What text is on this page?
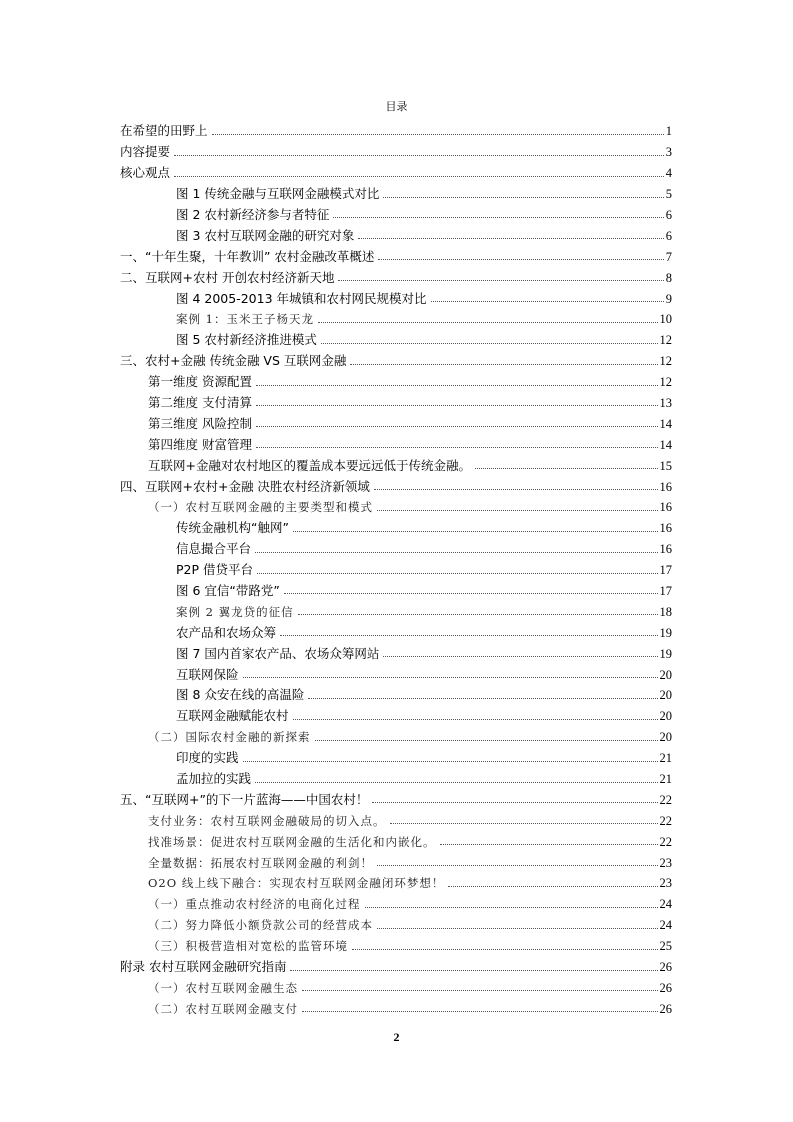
目录
在希望的田野上	1
内容提要	3
核心观点	4
图 1 传统金融与互联网金融模式对比	5
图 2 农村新经济参与者特征	6
图 3 农村互联网金融的研究对象	6
一、“十年生聚，十年教训” 农村金融改革概述	7
二、互联网+农村 开创农村经济新天地	8
图 4 2005-2013 年城镇和农村网民规模对比	9
案例 1：玉米王子杨天龙	10
图 5 农村新经济推进模式	12
三、农村+金融 传统金融 VS 互联网金融	12
第一维度 资源配置	12
第二维度 支付清算	13
第三维度 风险控制	14
第四维度 财富管理	14
互联网+金融对农村地区的覆盖成本要远远低于传统金融。	15
四、互联网+农村+金融 决胜农村经济新领域	16
（一）农村互联网金融的主要类型和模式	16
传统金融机构“触网”	16
信息撮合平台	16
P2P 借贷平台	17
图 6 宜信“带路党”	17
案例 2 翼龙贷的征信	18
农产品和农场众筹	19
图 7 国内首家农产品、农场众筹网站	19
互联网保险	20
图 8 众安在线的高温险	20
互联网金融赋能农村	20
（二）国际农村金融的新探索	20
印度的实践	21
孟加拉的实践	21
五、“互联网+”的下一片蓝海——中国农村！	22
支付业务：农村互联网金融破局的切入点。	22
找准场景：促进农村互联网金融的生活化和内嵌化。	22
全量数据：拓展农村互联网金融的利剑！	23
O2O 线上线下融合：实现农村互联网金融闭环梦想！	23
（一）重点推动农村经济的电商化过程	24
（二）努力降低小额贷款公司的经营成本	24
（三）积极营造相对宽松的监管环境	25
附录 农村互联网金融研究指南	26
（一）农村互联网金融生态	26
（二）农村互联网金融支付	26
2
